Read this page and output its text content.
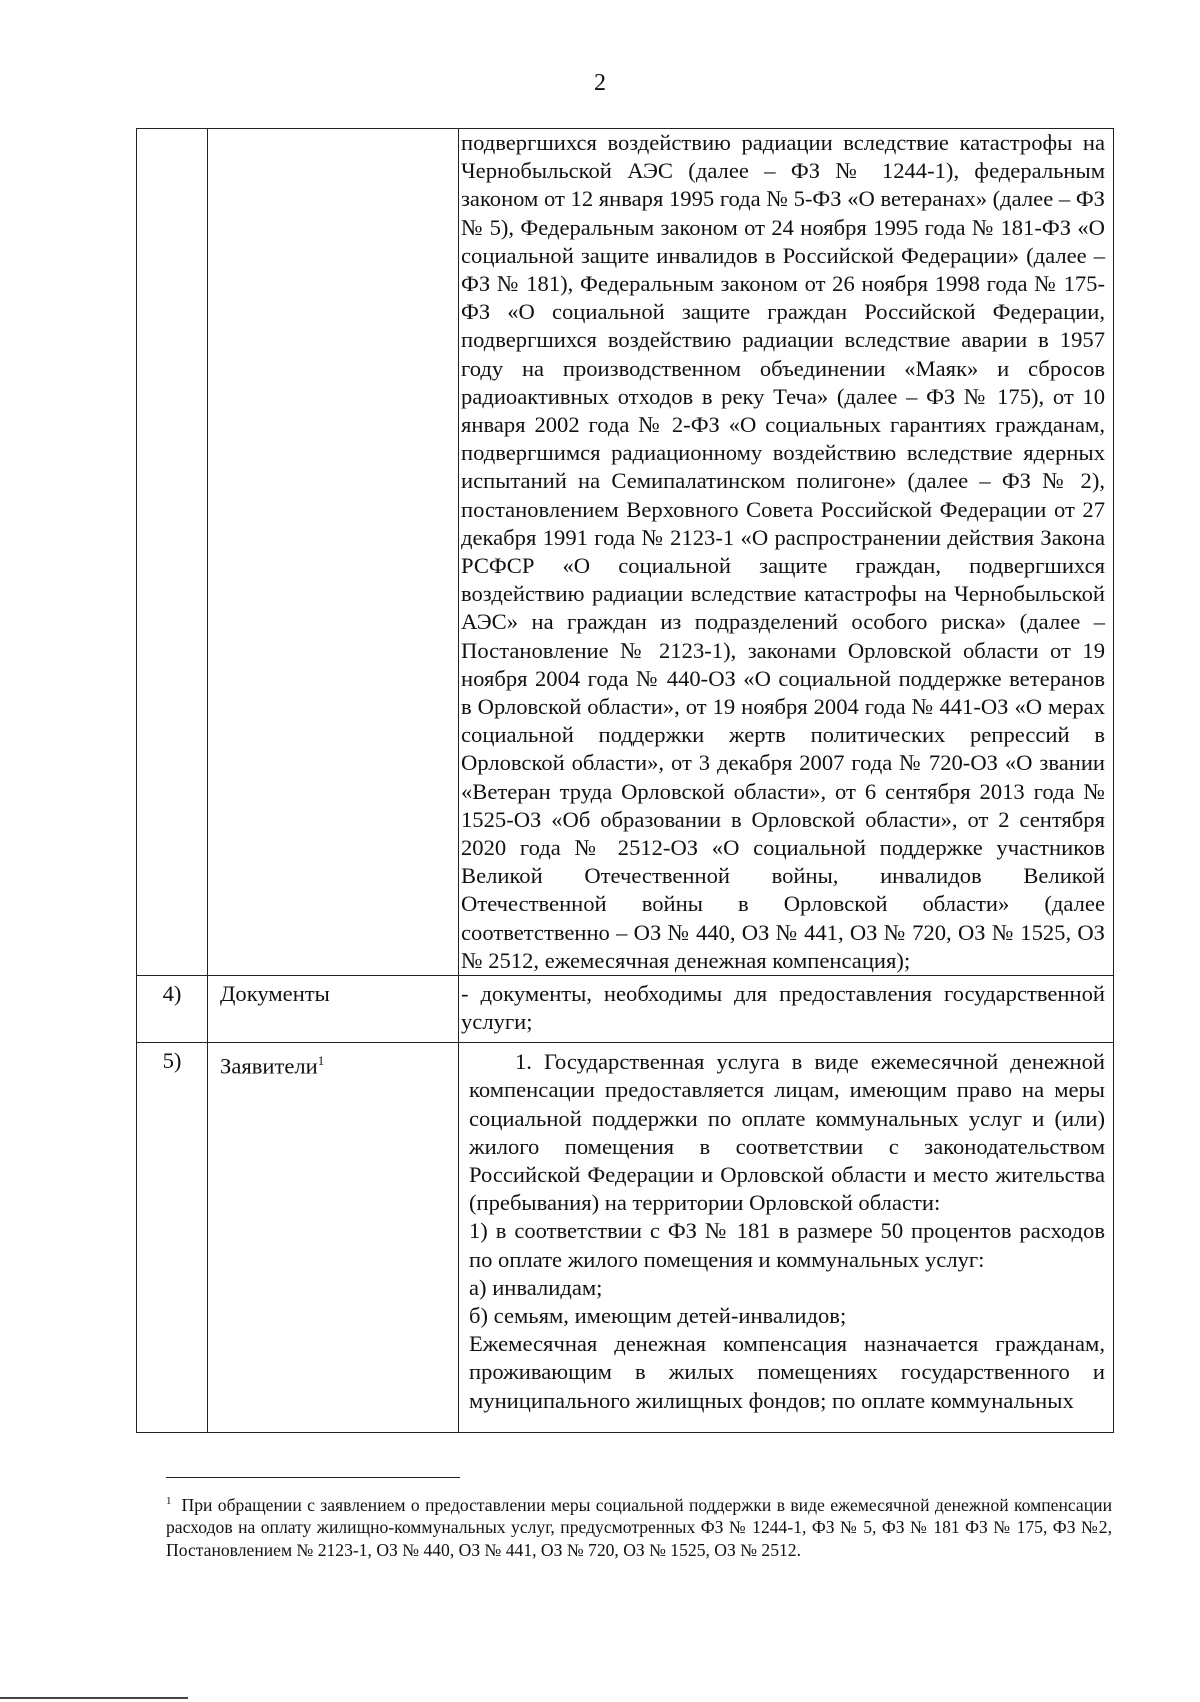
2
		подвергшихся воздействию радиации вследствие катастрофы на Чернобыльской АЭС (далее – ФЗ № 1244-1), федеральным законом от 12 января 1995 года № 5-ФЗ «О ветеранах» (далее – ФЗ № 5), Федеральным законом от 24 ноября 1995 года № 181-ФЗ «О социальной защите инвалидов в Российской Федерации» (далее – ФЗ № 181), Федеральным законом от 26 ноября 1998 года № 175-ФЗ «О социальной защите граждан Российской Федерации, подвергшихся воздействию радиации вследствие аварии в 1957 году на производственном объединении «Маяк» и сбросов радиоактивных отходов в реку Теча» (далее – ФЗ № 175), от 10 января 2002 года № 2-ФЗ «О социальных гарантиях гражданам, подвергшимся радиационному воздействию вследствие ядерных испытаний на Семипалатинском полигоне» (далее – ФЗ № 2), постановлением Верховного Совета Российской Федерации от 27 декабря 1991 года № 2123-1 «О распространении действия Закона РСФСР «О социальной защите граждан, подвергшихся воздействию радиации вследствие катастрофы на Чернобыльской АЭС» на граждан из подразделений особого риска» (далее – Постановление № 2123-1), законами Орловской области от 19 ноября 2004 года № 440-ОЗ «О социальной поддержке ветеранов в Орловской области», от 19 ноября 2004 года № 441-ОЗ «О мерах социальной поддержки жертв политических репрессий в Орловской области», от 3 декабря 2007 года № 720-ОЗ «О звании «Ветеран труда Орловской области», от 6 сентября 2013 года № 1525-ОЗ «Об образовании в Орловской области», от 2 сентября 2020 года № 2512-ОЗ «О социальной поддержке участников Великой Отечественной войны, инвалидов Великой Отечественной войны в Орловской области» (далее соответственно – ОЗ № 440, ОЗ № 441, ОЗ № 720, ОЗ № 1525, ОЗ № 2512, ежемесячная денежная компенсация);
4)	Документы	- документы, необходимы для предоставления государственной услуги;
5)	Заявители$^1$	1. Государственная услуга в виде ежемесячной денежной компенсации предоставляется лицам, имеющим право на меры социальной поддержки по оплате коммунальных услуг и (или) жилого помещения в соответствии с законодательством Российской Федерации и Орловской области и место жительства (пребывания) на территории Орловской области:

1) в соответствии с ФЗ № 181 в размере 50 процентов расходов по оплате жилого помещения и коммунальных услуг:

а) инвалидам;

б) семьям, имеющим детей-инвалидов;

Ежемесячная денежная компенсация назначается гражданам, проживающим в жилых помещениях государственного и муниципального жилищных фондов; по оплате коммунальных

$^1$ При обращении с заявлением о предоставлении меры социальной поддержки в виде ежемесячной денежной компенсации расходов на оплату жилищно-коммунальных услуг, предусмотренных ФЗ № 1244-1, ФЗ № 5, ФЗ № 181 ФЗ № 175, ФЗ №2, Постановлением № 2123-1, ОЗ № 440, ОЗ № 441, ОЗ № 720, ОЗ № 1525, ОЗ № 2512.
